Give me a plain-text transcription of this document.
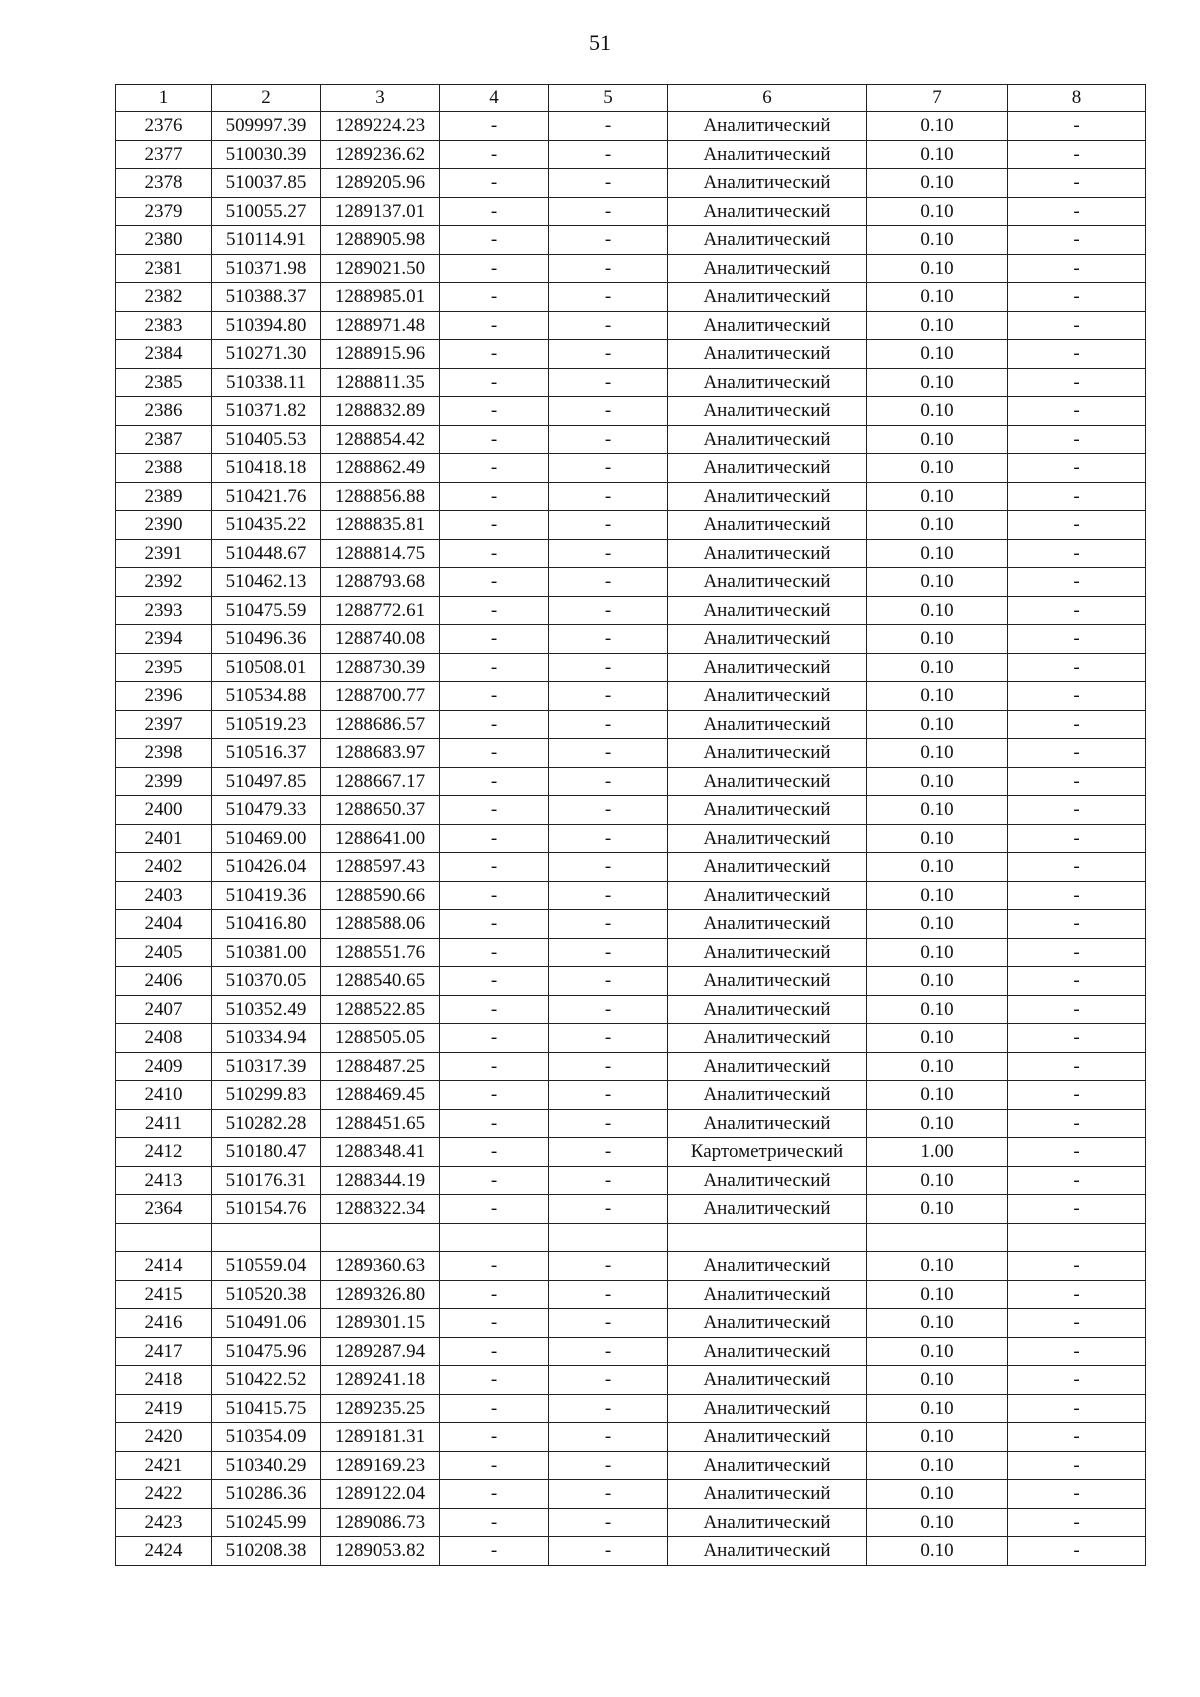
51
1	2	3	4	5	6	7	8
2376	509997.39	1289224.23	-	-	Аналитический	0.10	-
2377	510030.39	1289236.62	-	-	Аналитический	0.10	-
2378	510037.85	1289205.96	-	-	Аналитический	0.10	-
2379	510055.27	1289137.01	-	-	Аналитический	0.10	-
2380	510114.91	1288905.98	-	-	Аналитический	0.10	-
2381	510371.98	1289021.50	-	-	Аналитический	0.10	-
2382	510388.37	1288985.01	-	-	Аналитический	0.10	-
2383	510394.80	1288971.48	-	-	Аналитический	0.10	-
2384	510271.30	1288915.96	-	-	Аналитический	0.10	-
2385	510338.11	1288811.35	-	-	Аналитический	0.10	-
2386	510371.82	1288832.89	-	-	Аналитический	0.10	-
2387	510405.53	1288854.42	-	-	Аналитический	0.10	-
2388	510418.18	1288862.49	-	-	Аналитический	0.10	-
2389	510421.76	1288856.88	-	-	Аналитический	0.10	-
2390	510435.22	1288835.81	-	-	Аналитический	0.10	-
2391	510448.67	1288814.75	-	-	Аналитический	0.10	-
2392	510462.13	1288793.68	-	-	Аналитический	0.10	-
2393	510475.59	1288772.61	-	-	Аналитический	0.10	-
2394	510496.36	1288740.08	-	-	Аналитический	0.10	-
2395	510508.01	1288730.39	-	-	Аналитический	0.10	-
2396	510534.88	1288700.77	-	-	Аналитический	0.10	-
2397	510519.23	1288686.57	-	-	Аналитический	0.10	-
2398	510516.37	1288683.97	-	-	Аналитический	0.10	-
2399	510497.85	1288667.17	-	-	Аналитический	0.10	-
2400	510479.33	1288650.37	-	-	Аналитический	0.10	-
2401	510469.00	1288641.00	-	-	Аналитический	0.10	-
2402	510426.04	1288597.43	-	-	Аналитический	0.10	-
2403	510419.36	1288590.66	-	-	Аналитический	0.10	-
2404	510416.80	1288588.06	-	-	Аналитический	0.10	-
2405	510381.00	1288551.76	-	-	Аналитический	0.10	-
2406	510370.05	1288540.65	-	-	Аналитический	0.10	-
2407	510352.49	1288522.85	-	-	Аналитический	0.10	-
2408	510334.94	1288505.05	-	-	Аналитический	0.10	-
2409	510317.39	1288487.25	-	-	Аналитический	0.10	-
2410	510299.83	1288469.45	-	-	Аналитический	0.10	-
2411	510282.28	1288451.65	-	-	Аналитический	0.10	-
2412	510180.47	1288348.41	-	-	Картометрический	1.00	-
2413	510176.31	1288344.19	-	-	Аналитический	0.10	-
2364	510154.76	1288322.34	-	-	Аналитический	0.10	-

2414	510559.04	1289360.63	-	-	Аналитический	0.10	-
2415	510520.38	1289326.80	-	-	Аналитический	0.10	-
2416	510491.06	1289301.15	-	-	Аналитический	0.10	-
2417	510475.96	1289287.94	-	-	Аналитический	0.10	-
2418	510422.52	1289241.18	-	-	Аналитический	0.10	-
2419	510415.75	1289235.25	-	-	Аналитический	0.10	-
2420	510354.09	1289181.31	-	-	Аналитический	0.10	-
2421	510340.29	1289169.23	-	-	Аналитический	0.10	-
2422	510286.36	1289122.04	-	-	Аналитический	0.10	-
2423	510245.99	1289086.73	-	-	Аналитический	0.10	-
2424	510208.38	1289053.82	-	-	Аналитический	0.10	-
